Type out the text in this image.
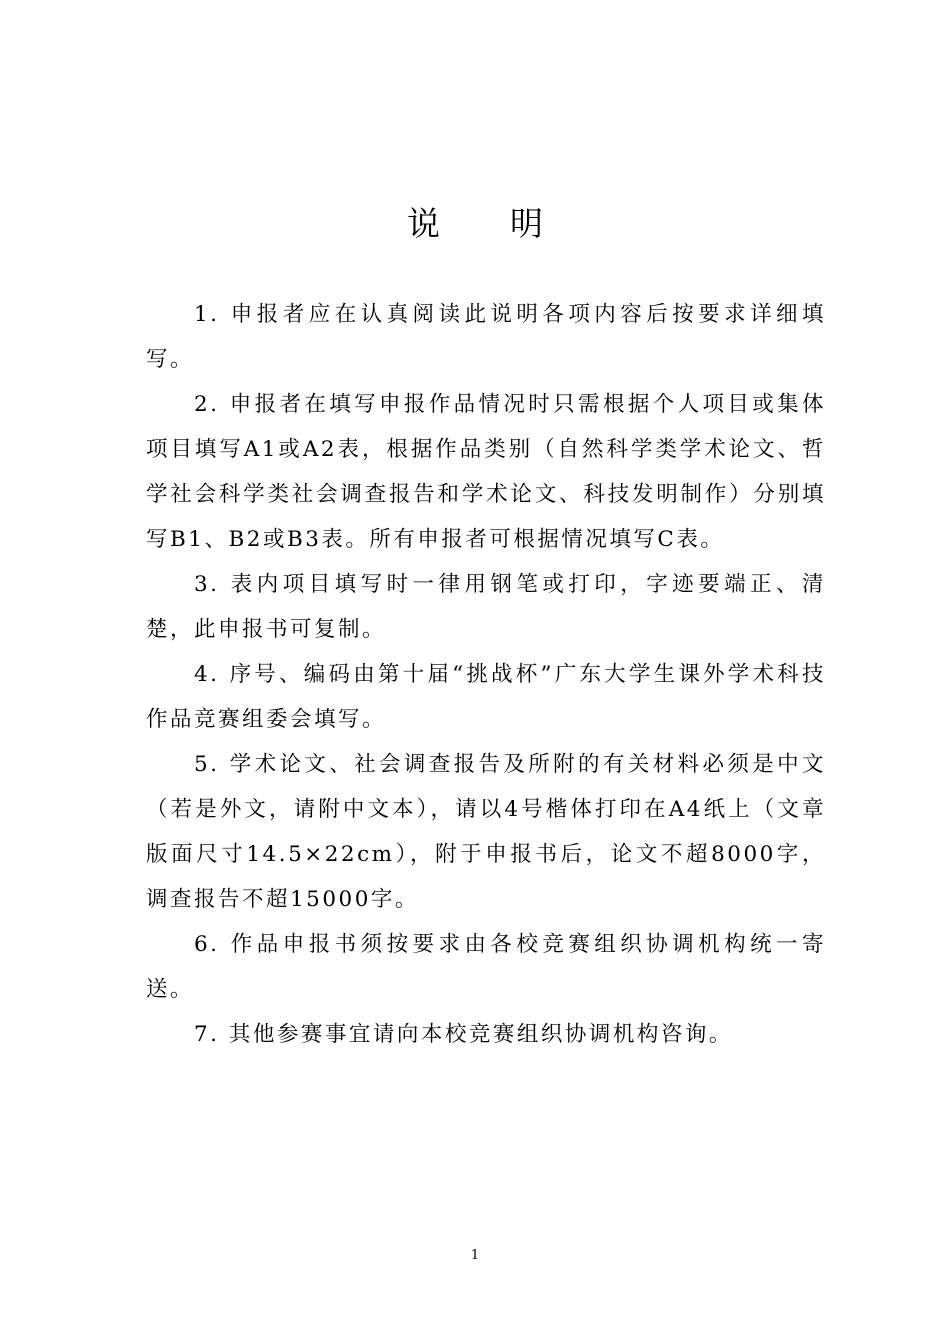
说明

1. 申报者应在认真阅读此说明各项内容后按要求详细填写。

2. 申报者在填写申报作品情况时只需根据个人项目或集体项目填写A1或A2表，根据作品类别（自然科学类学术论文、哲学社会科学类社会调查报告和学术论文、科技发明制作）分别填写B1、B2或B3表。所有申报者可根据情况填写C表。

3. 表内项目填写时一律用钢笔或打印，字迹要端正、清楚，此申报书可复制。

4. 序号、编码由第十届“挑战杯”广东大学生课外学术科技作品竞赛组委会填写。

5. 学术论文、社会调查报告及所附的有关材料必须是中文（若是外文，请附中文本），请以4号楷体打印在A4纸上（文章版面尺寸14.5×22cm），附于申报书后，论文不超8000字，调查报告不超15000字。

6. 作品申报书须按要求由各校竞赛组织协调机构统一寄送。

7. 其他参赛事宜请向本校竞赛组织协调机构咨询。

1
